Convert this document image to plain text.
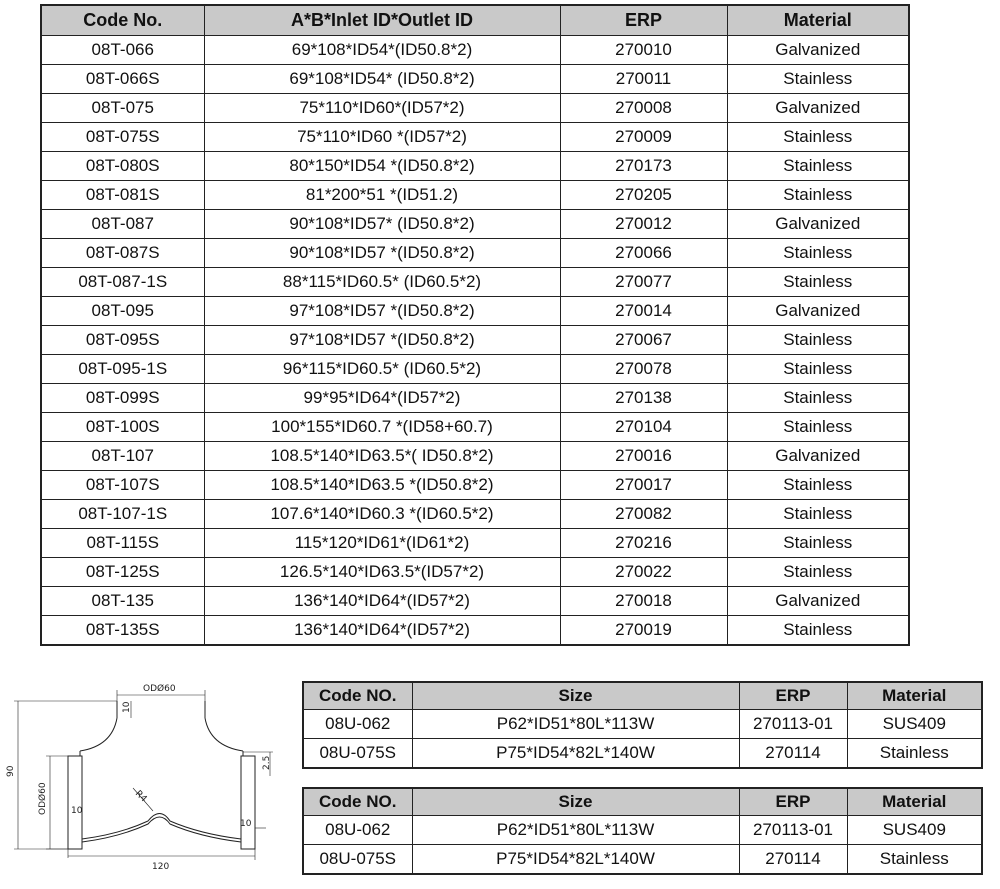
Code No.	A*B*Inlet ID*Outlet ID	ERP	Material
08T-066	69*108*ID54*(ID50.8*2)	270010	Galvanized
08T-066S	69*108*ID54* (ID50.8*2)	270011	Stainless
08T-075	75*110*ID60*(ID57*2)	270008	Galvanized
08T-075S	75*110*ID60 *(ID57*2)	270009	Stainless
08T-080S	80*150*ID54 *(ID50.8*2)	270173	Stainless
08T-081S	81*200*51 *(ID51.2)	270205	Stainless
08T-087	90*108*ID57* (ID50.8*2)	270012	Galvanized
08T-087S	90*108*ID57 *(ID50.8*2)	270066	Stainless
08T-087-1S	88*115*ID60.5* (ID60.5*2)	270077	Stainless
08T-095	97*108*ID57 *(ID50.8*2)	270014	Galvanized
08T-095S	97*108*ID57 *(ID50.8*2)	270067	Stainless
08T-095-1S	96*115*ID60.5* (ID60.5*2)	270078	Stainless
08T-099S	99*95*ID64*(ID57*2)	270138	Stainless
08T-100S	100*155*ID60.7 *(ID58+60.7)	270104	Stainless
08T-107	108.5*140*ID63.5*( ID50.8*2)	270016	Galvanized
08T-107S	108.5*140*ID63.5 *(ID50.8*2)	270017	Stainless
08T-107-1S	107.6*140*ID60.3 *(ID60.5*2)	270082	Stainless
08T-115S	115*120*ID61*(ID61*2)	270216	Stainless
08T-125S	126.5*140*ID63.5*(ID57*2)	270022	Stainless
08T-135	136*140*ID64*(ID57*2)	270018	Galvanized
08T-135S	136*140*ID64*(ID57*2)	270019	Stainless
ODØ60
10
90
ODØ60	10
R4
2.5
10
120
Code NO.	Size	ERP	Material
08U-062	P62*ID51*80L*113W	270113-01	SUS409
08U-075S	P75*ID54*82L*140W	270114	Stainless
Code NO.	Size	ERP	Material
08U-062	P62*ID51*80L*113W	270113-01	SUS409
08U-075S	P75*ID54*82L*140W	270114	Stainless
